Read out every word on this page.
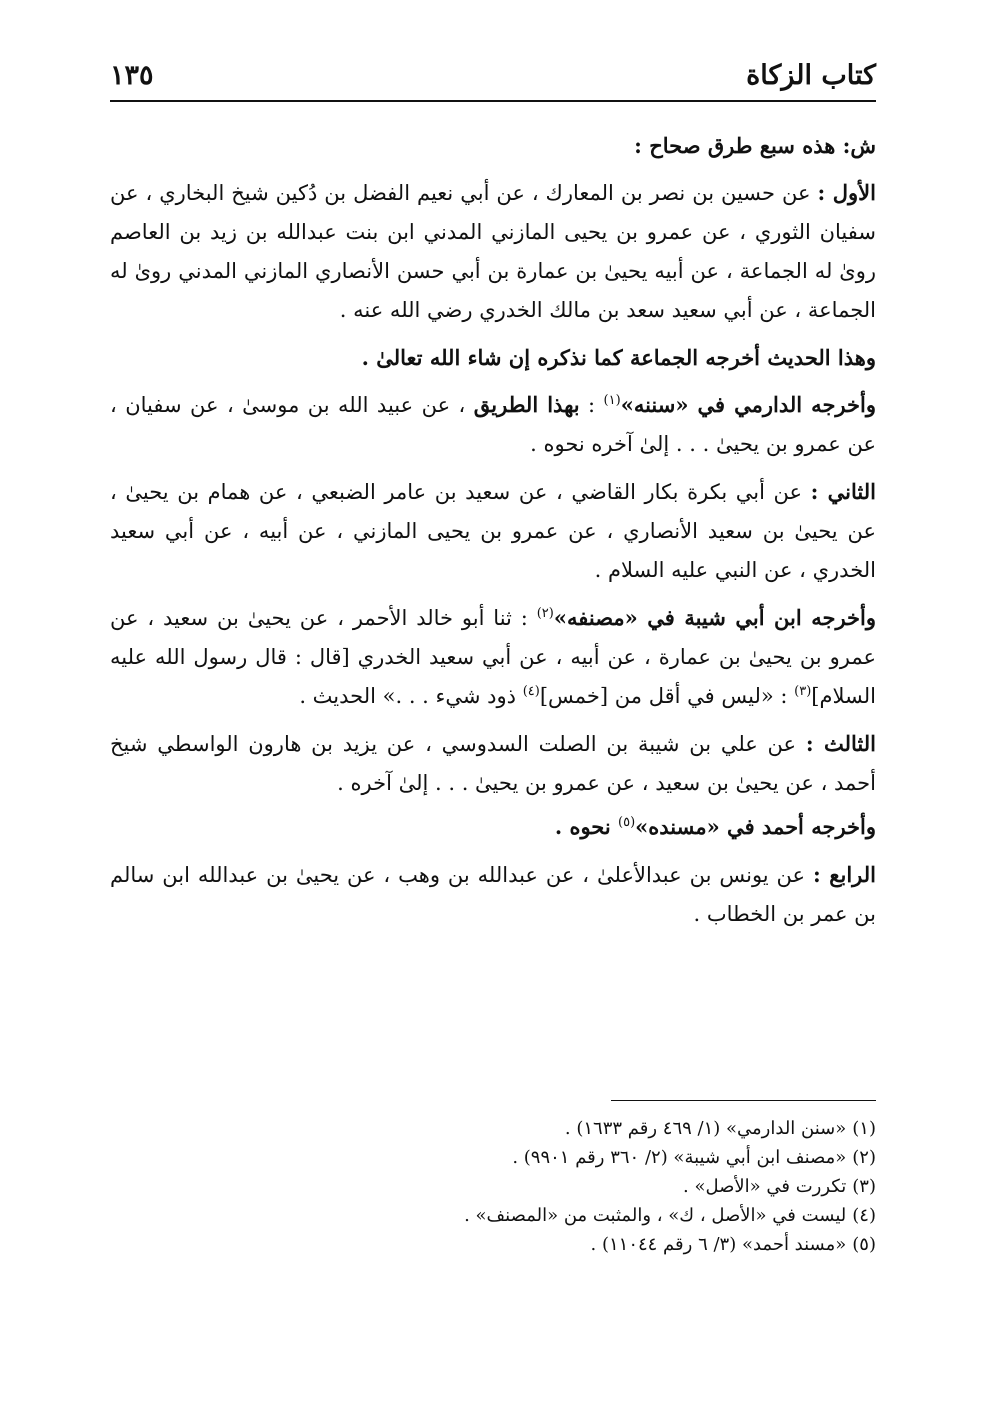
كتاب الزكاة
١٣٥

ش: هذه سبع طرق صحاح :

الأول : عن حسين بن نصر بن المعارك ، عن أبي نعيم الفضل بن دُكين شيخ البخاري ، عن سفيان الثوري ، عن عمرو بن يحيى المازني المدني ابن بنت عبدالله بن زيد بن العاصم روىٰ له الجماعة ، عن أبيه يحيىٰ بن عمارة بن أبي حسن الأنصاري المازني المدني روىٰ له الجماعة ، عن أبي سعيد سعد بن مالك الخدري رضي الله عنه .

وهذا الحديث أخرجه الجماعة كما نذكره إن شاء الله تعالىٰ .

وأخرجه الدارمي في «سننه»$^{(١)}$ : بهذا الطريق ، عن عبيد الله بن موسىٰ ، عن سفيان ، عن عمرو بن يحيىٰ . . . إلىٰ آخره نحوه .

الثاني : عن أبي بكرة بكار القاضي ، عن سعيد بن عامر الضبعي ، عن همام بن يحيىٰ ، عن يحيىٰ بن سعيد الأنصاري ، عن عمرو بن يحيى المازني ، عن أبيه ، عن أبي سعيد الخدري ، عن النبي عليه السلام .

وأخرجه ابن أبي شيبة في «مصنفه»$^{(٢)}$ : ثنا أبو خالد الأحمر ، عن يحيىٰ بن سعيد ، عن عمرو بن يحيىٰ بن عمارة ، عن أبيه ، عن أبي سعيد الخدري [قال : قال رسول الله عليه السلام]$^{(٣)}$ : «ليس في أقل من [خمس]$^{(٤)}$ ذود شيء . . .» الحديث .

الثالث : عن علي بن شيبة بن الصلت السدوسي ، عن يزيد بن هارون الواسطي شيخ أحمد ، عن يحيىٰ بن سعيد ، عن عمرو بن يحيىٰ . . . إلىٰ آخره .

وأخرجه أحمد في «مسنده»$^{(٥)}$ نحوه .

الرابع : عن يونس بن عبدالأعلىٰ ، عن عبدالله بن وهب ، عن يحيىٰ بن عبدالله ابن سالم بن عمر بن الخطاب .

(١)«سنن الدارمي» (١/ ٤٦٩ رقم ١٦٣٣) .
(٢)«مصنف ابن أبي شيبة» (٢/ ٣٦٠ رقم ٩٩٠١) .
(٣)تكررت في «الأصل» .
(٤)ليست في «الأصل ، ك» ، والمثبت من «المصنف» .
(٥)«مسند أحمد» (٣/ ٦ رقم ١١٠٤٤) .
